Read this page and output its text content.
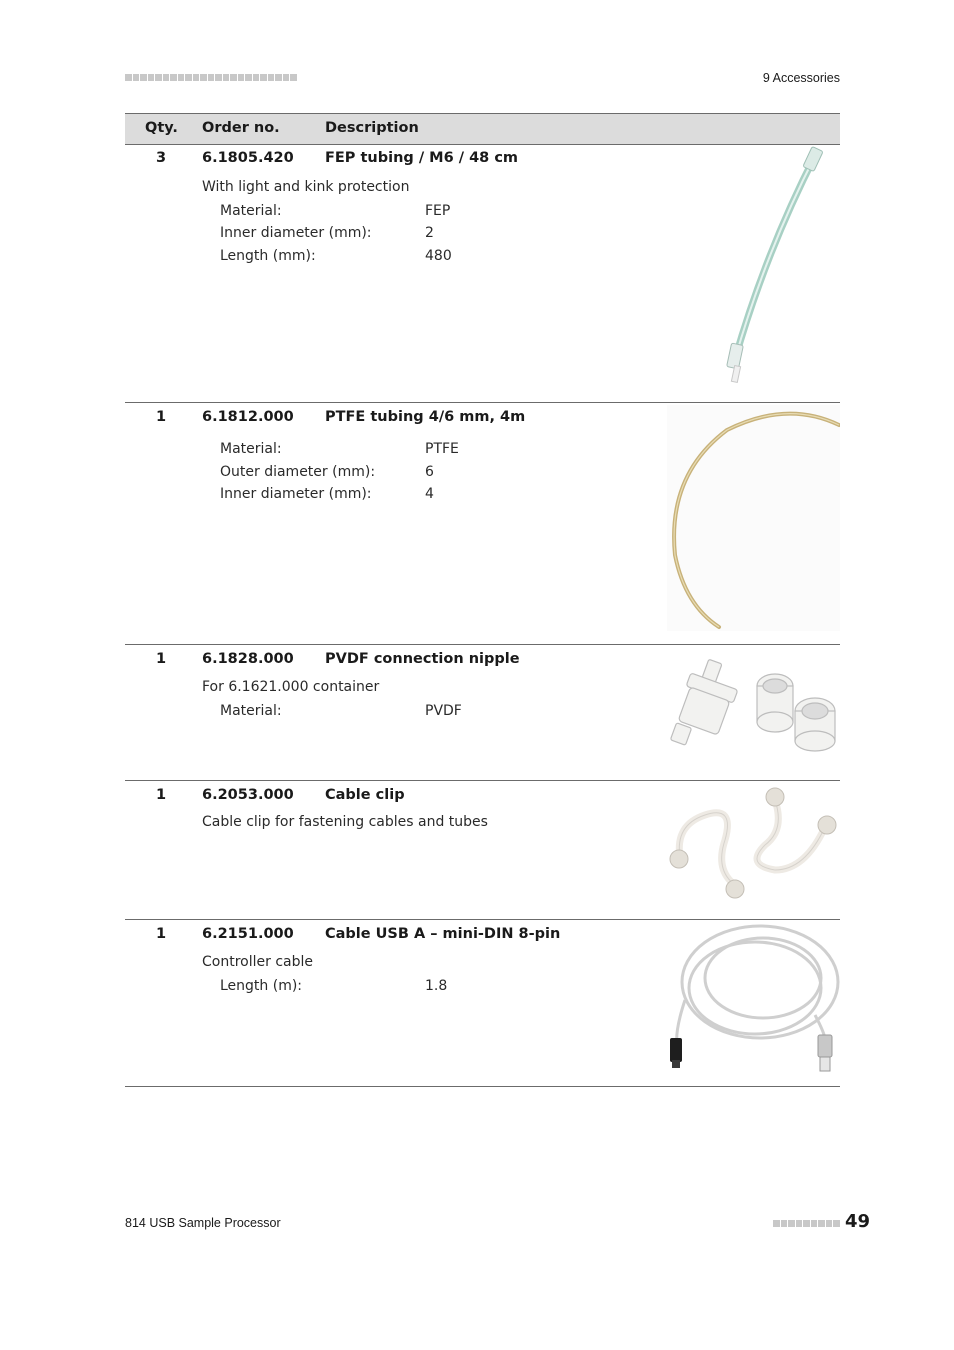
9 Accessories
Qty. Order no.	Description
3 6.1805.420 FEP tubing / M6 / 48 cm
With light and kink protection
Material:	FEP
Inner diameter (mm):	2
Length (mm):	480
1 6.1812.000 PTFE tubing 4/6 mm, 4m
Material:	PTFE
Outer diameter (mm):	6
Inner diameter (mm):	4
1 6.1828.000 PVDF connection nipple
For 6.1621.000 container
Material:	PVDF
1 6.2053.000 Cable clip
Cable clip for fastening cables and tubes
1 6.2151.000 Cable USB A – mini-DIN 8-pin
Controller cable
Length (m):	1.8
814 USB Sample Processor	49
